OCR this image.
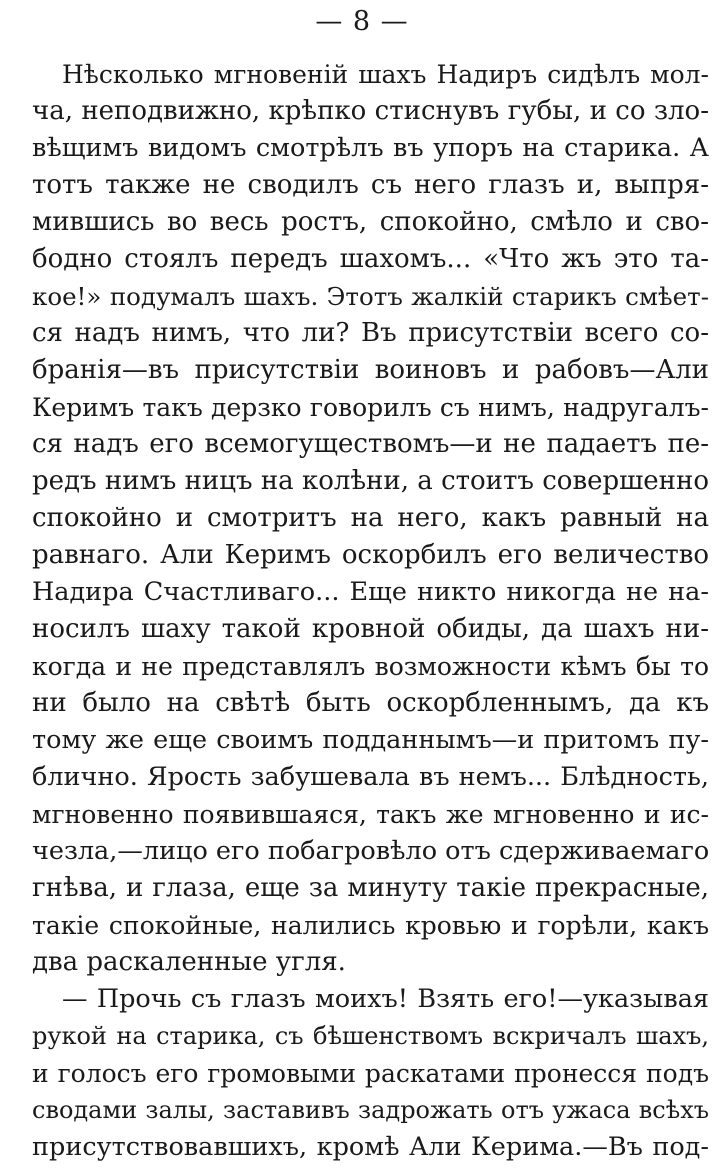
— 8 —
Нѣсколько мгновеній шахъ Надиръ сидѣлъ мол-
ча, неподвижно, крѣпко стиснувъ губы, и со зло-
вѣщимъ видомъ смотрѣлъ въ упоръ на старика. А
тотъ также не сводилъ съ него глазъ и, выпря-
мившись во весь ростъ, спокойно, смѣло и сво-
бодно стоялъ передъ шахомъ... «Что жъ это та-
кое!» подумалъ шахъ. Этотъ жалкій старикъ смѣет-
ся надъ нимъ, что ли? Въ присутствіи всего со-
бранія—въ присутствіи воиновъ и рабовъ—Али
Керимъ такъ дерзко говорилъ съ нимъ, надругалъ-
ся надъ его всемогуществомъ—и не падаетъ пе-
редъ нимъ ницъ на колѣни, а стоитъ совершенно
спокойно и смотритъ на него, какъ равный на
равнаго. Али Керимъ оскорбилъ его величество
Надира Счастливаго... Еще никто никогда не на-
носилъ шаху такой кровной обиды, да шахъ ни-
когда и не представлялъ возможности кѣмъ бы то
ни было на свѣтѣ быть оскорбленнымъ, да къ
тому же еще своимъ подданнымъ—и притомъ пу-
блично. Ярость забушевала въ немъ... Блѣдность,
мгновенно появившаяся, такъ же мгновенно и ис-
чезла,—лицо его побагровѣло отъ сдерживаемаго
гнѣва, и глаза, еще за минуту такіе прекрасные,
такіе спокойные, налились кровью и горѣли, какъ
два раскаленные угля.
— Прочь съ глазъ моихъ! Взять его!—указывая
рукой на старика, съ бѣшенствомъ вскричалъ шахъ,
и голосъ его громовыми раскатами пронесся подъ
сводами залы, заставивъ задрожать отъ ужаса всѣхъ
присутствовавшихъ, кромѣ Али Керима.—Въ под-
